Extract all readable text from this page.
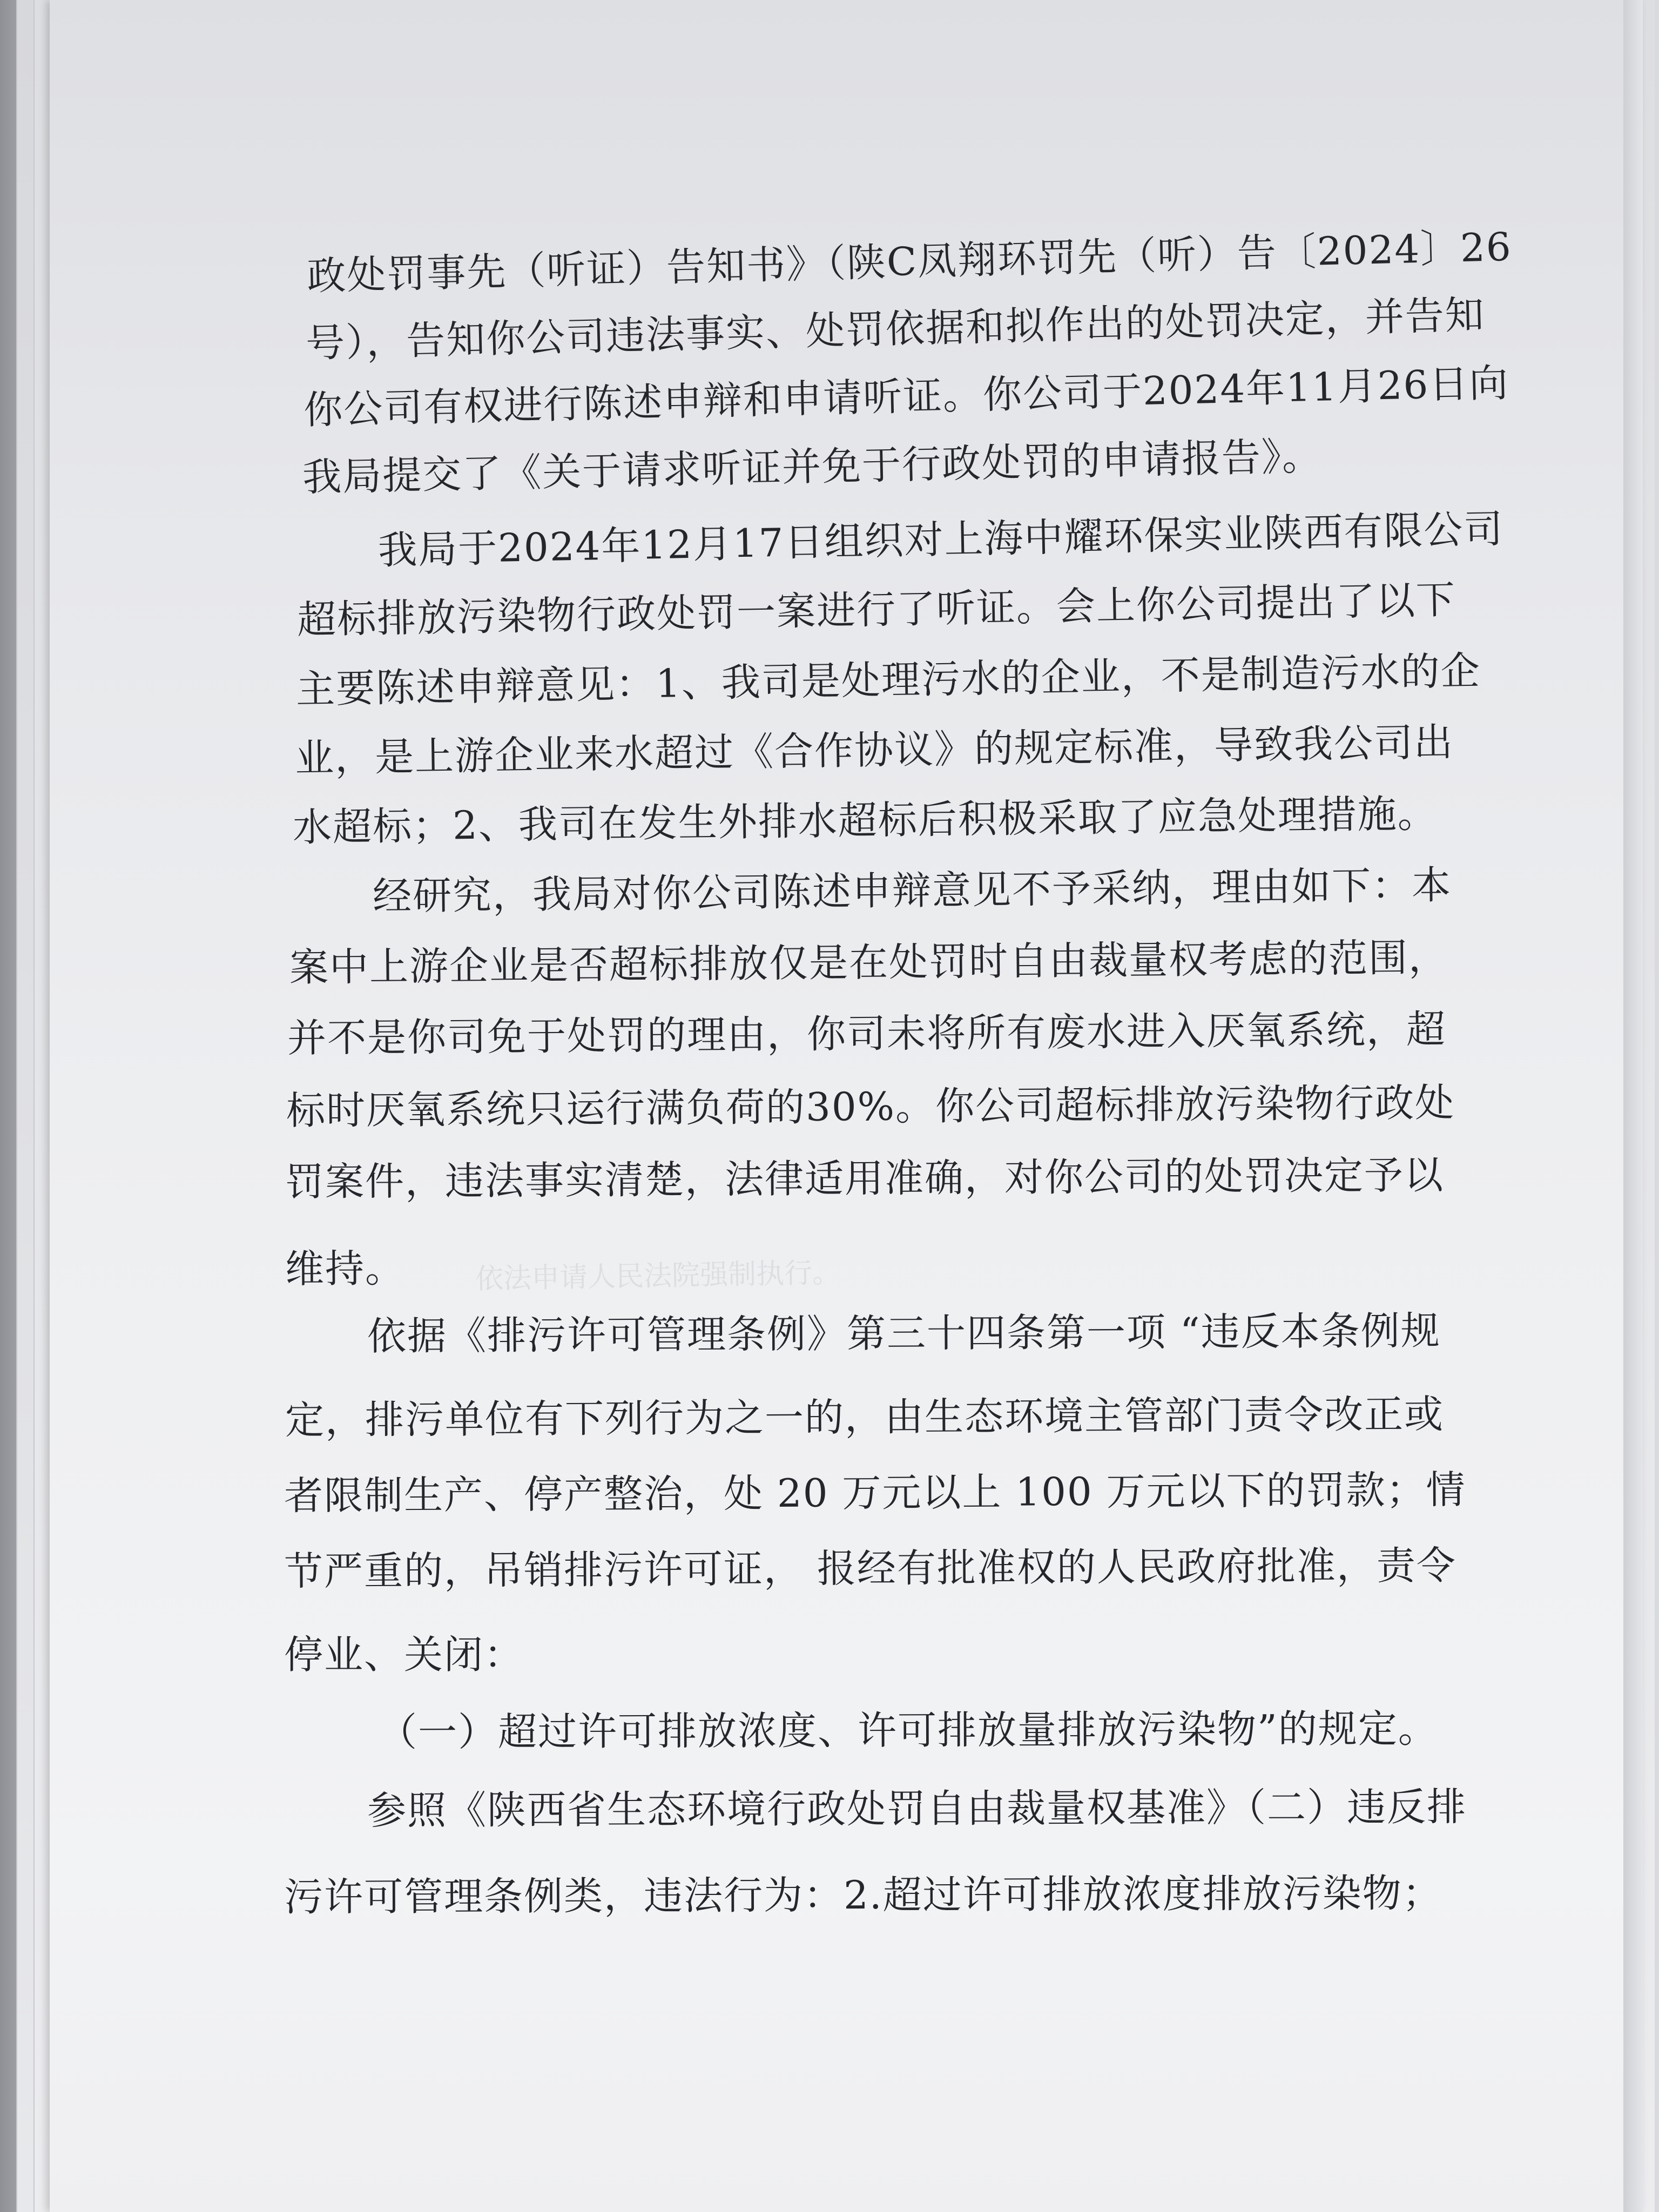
依法申请人民法院强制执行。

政处罚事先（听证）告知书》（陕C凤翔环罚先（听）告〔2024〕26

号），告知你公司违法事实、处罚依据和拟作出的处罚决定，并告知

你公司有权进行陈述申辩和申请听证。你公司于2024年11月26日向

我局提交了《关于请求听证并免于行政处罚的申请报告》。

我局于2024年12月17日组织对上海中耀环保实业陕西有限公司

超标排放污染物行政处罚一案进行了听证。会上你公司提出了以下

主要陈述申辩意见：1、我司是处理污水的企业，不是制造污水的企

业，是上游企业来水超过《合作协议》的规定标准，导致我公司出

水超标；2、我司在发生外排水超标后积极采取了应急处理措施。

经研究，我局对你公司陈述申辩意见不予采纳，理由如下：本

案中上游企业是否超标排放仅是在处罚时自由裁量权考虑的范围，

并不是你司免于处罚的理由，你司未将所有废水进入厌氧系统，超

标时厌氧系统只运行满负荷的30%。你公司超标排放污染物行政处

罚案件，违法事实清楚，法律适用准确，对你公司的处罚决定予以

维持。

依据《排污许可管理条例》第三十四条第一项 “违反本条例规

定，排污单位有下列行为之一的，由生态环境主管部门责令改正或

者限制生产、停产整治，处 20 万元以上 100 万元以下的罚款；情

节严重的，吊销排污许可证， 报经有批准权的人民政府批准，责令

停业、关闭：

（一）超过许可排放浓度、许可排放量排放污染物”的规定。

参照《陕西省生态环境行政处罚自由裁量权基准》（二）违反排

污许可管理条例类，违法行为：2.超过许可排放浓度排放污染物；
